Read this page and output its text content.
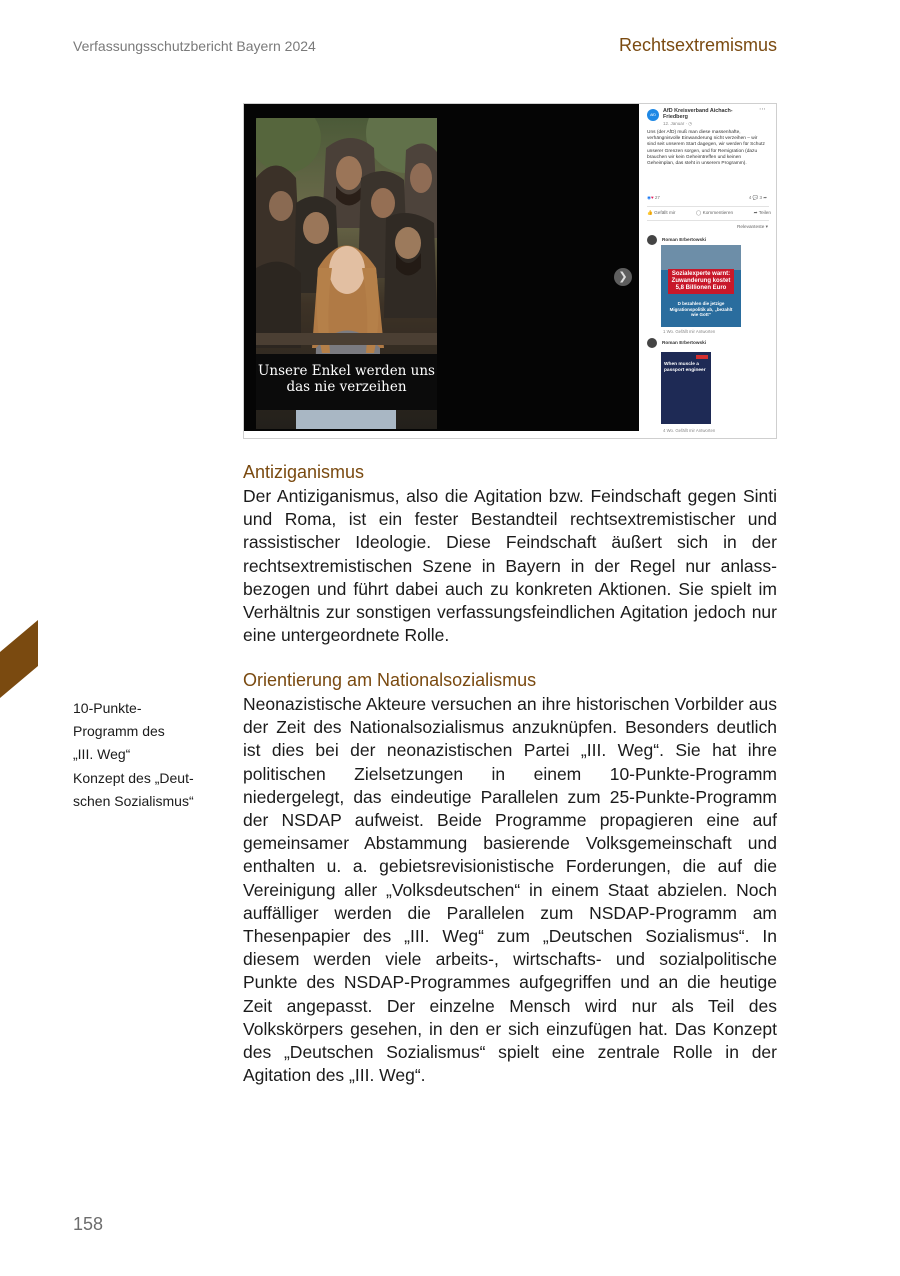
Verfassungsschutzbericht Bayern 2024	Rechtsextremismus
Unsere Enkel werden uns
das nie verzeihen
❯
AfD
AfD Kreisverband Aichach-Friedberg
⋯
12. Januar · ◷
Uns (der AfD) muß man diese massenhafte, verhängnisvolle Einwanderung nicht verzeihen – wir sind seit unserem Start dagegen, wir werden für Schutz unserer Grenzen sorgen, und für Remigration (dazu brauchen wir kein Geheimtreffen und keinen Geheimplan, das steht in unserem Programm).
◉♥ 27	4 💬 3 ➦
👍 Gefällt mir	◯ Kommentieren	➦ Teilen
Relevanteste ▾
Roman Erbertowski
Sozialexperte warnt: Zuwanderung kostet 5,8 Billionen Euro
D bezahlen die jetzige Migrationspolitik ab, „bezahlt wie Gott“
1 Wo. Gefällt mir Antworten
Roman Erbertowski
When muscle a passport engineer
4 Wo. Gefällt mir Antworten
Antiziganismus
Der Antiziganismus, also die Agitation bzw. Feindschaft gegen Sinti und Roma, ist ein fester Bestandteil rechtsextremistischer und rassistischer Ideologie. Diese Feindschaft äußert sich in der rechtsextremistischen Szene in Bayern in der Regel nur anlassbezogen und führt dabei auch zu konkreten Aktionen. Sie spielt im Verhältnis zur sonstigen verfassungsfeindlichen Agitation jedoch nur eine untergeordnete Rolle.
Orientierung am Nationalsozialismus
Neonazistische Akteure versuchen an ihre historischen Vorbilder aus der Zeit des Nationalsozialismus anzuknüpfen. Besonders deutlich ist dies bei der neonazistischen Partei „III. Weg“. Sie hat ihre politischen Zielsetzungen in einem 10-Punkte-Programm niedergelegt, das eindeutige Parallelen zum 25-Punkte-Programm der NSDAP aufweist. Beide Programme propagieren eine auf gemeinsamer Abstammung basierende Volksgemeinschaft und enthalten u. a. gebietsrevisionistische Forderungen, die auf die Vereinigung aller „Volksdeutschen“ in einem Staat abzielen. Noch auffälliger werden die Parallelen zum NSDAP-Programm am Thesenpapier des „III. Weg“ zum „Deutschen Sozialismus“. In diesem werden viele arbeits-, wirtschafts- und sozialpolitische Punkte des NSDAP-Programmes aufgegriffen und an die heutige Zeit angepasst. Der einzelne Mensch wird nur als Teil des Volkskörpers gesehen, in den er sich einzufügen hat. Das Konzept des „Deutschen Sozialismus“ spielt eine zentrale Rolle in der Agitation des „III. Weg“.
10-Punkte-
Programm des
„III. Weg“
Konzept des „Deut-
schen Sozialismus“
158
